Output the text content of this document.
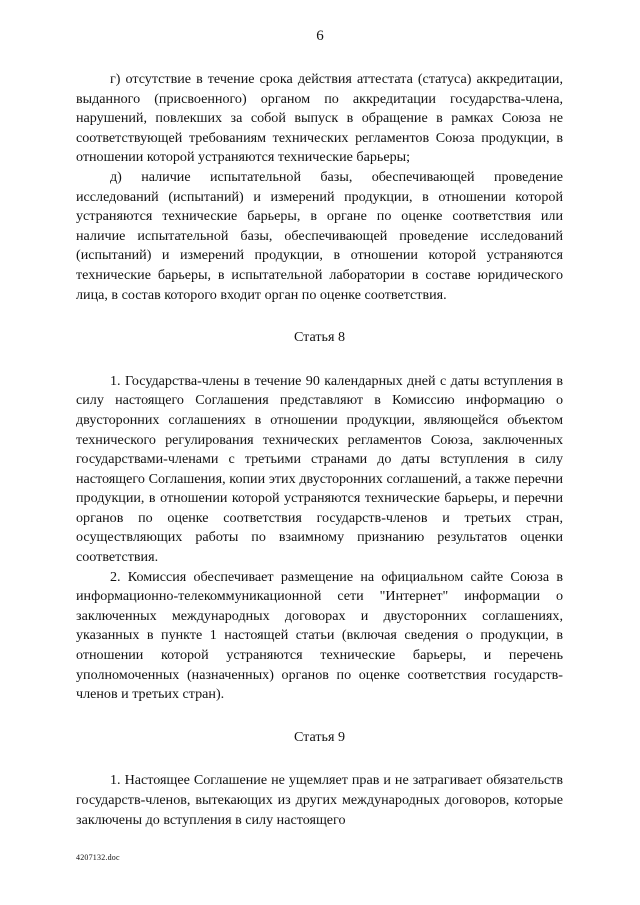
6

г) отсутствие в течение срока действия аттестата (статуса) аккредитации, выданного (присвоенного) органом по аккредитации государства-члена, нарушений, повлекших за собой выпуск в обращение в рамках Союза не соответствующей требованиям технических регламентов Союза продукции, в отношении которой устраняются технические барьеры;

д) наличие испытательной базы, обеспечивающей проведение исследований (испытаний) и измерений продукции, в отношении которой устраняются технические барьеры, в органе по оценке соответствия или наличие испытательной базы, обеспечивающей проведение исследований (испытаний) и измерений продукции, в отношении которой устраняются технические барьеры, в испытательной лаборатории в составе юридического лица, в состав которого входит орган по оценке соответствия.

Статья 8

1. Государства-члены в течение 90 календарных дней с даты вступления в силу настоящего Соглашения представляют в Комиссию информацию о двусторонних соглашениях в отношении продукции, являющейся объектом технического регулирования технических регламентов Союза, заключенных государствами-членами с третьими странами до даты вступления в силу настоящего Соглашения, копии этих двусторонних соглашений, а также перечни продукции, в отношении которой устраняются технические барьеры, и перечни органов по оценке соответствия государств-членов и третьих стран, осуществляющих работы по взаимному признанию результатов оценки соответствия.

2. Комиссия обеспечивает размещение на официальном сайте Союза в информационно-телекоммуникационной сети "Интернет" информации о заключенных международных договорах и двусторонних соглашениях, указанных в пункте 1 настоящей статьи (включая сведения о продукции, в отношении которой устраняются технические барьеры, и перечень уполномоченных (назначенных) органов по оценке соответствия государств-членов и третьих стран).

Статья 9

1. Настоящее Соглашение не ущемляет прав и не затрагивает обязательств государств-членов, вытекающих из других международных договоров, которые заключены до вступления в силу настоящего

4207132.doc
